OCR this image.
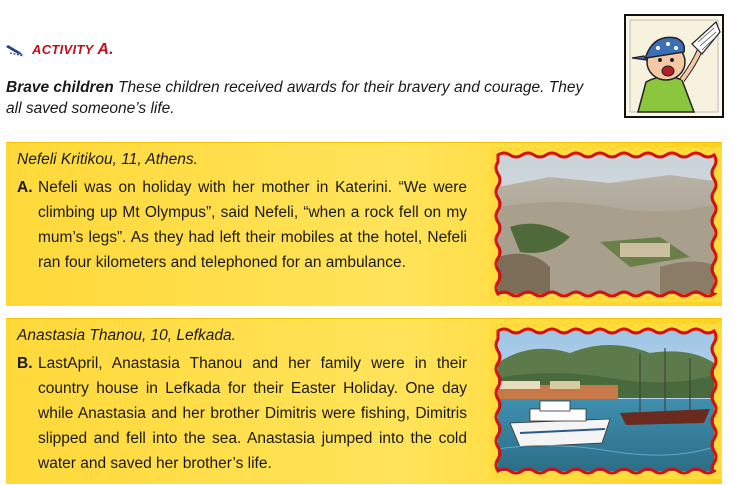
ACTIVITY A.
Brave children These children received awards for their bravery and courage. They all saved someone’s life.
Nefeli Kritikou, 11, Athens.
A. Nefeli was on holiday with her mother in Katerini. “We were climbing up Mt Olympus”, said Nefeli, “when a rock fell on my mum’s legs”. As they had left their mobiles at the hotel, Nefeli ran four kilometers and telephoned for an ambulance.
Anastasia Thanou, 10, Lefkada.
B. LastApril, Anastasia Thanou and her family were in their country house in Lefkada for their Easter Holiday. One day while Anastasia and her brother Dimitris were fishing, Dimitris slipped and fell into the sea. Anastasia jumped into the cold water and saved her brother’s life.
